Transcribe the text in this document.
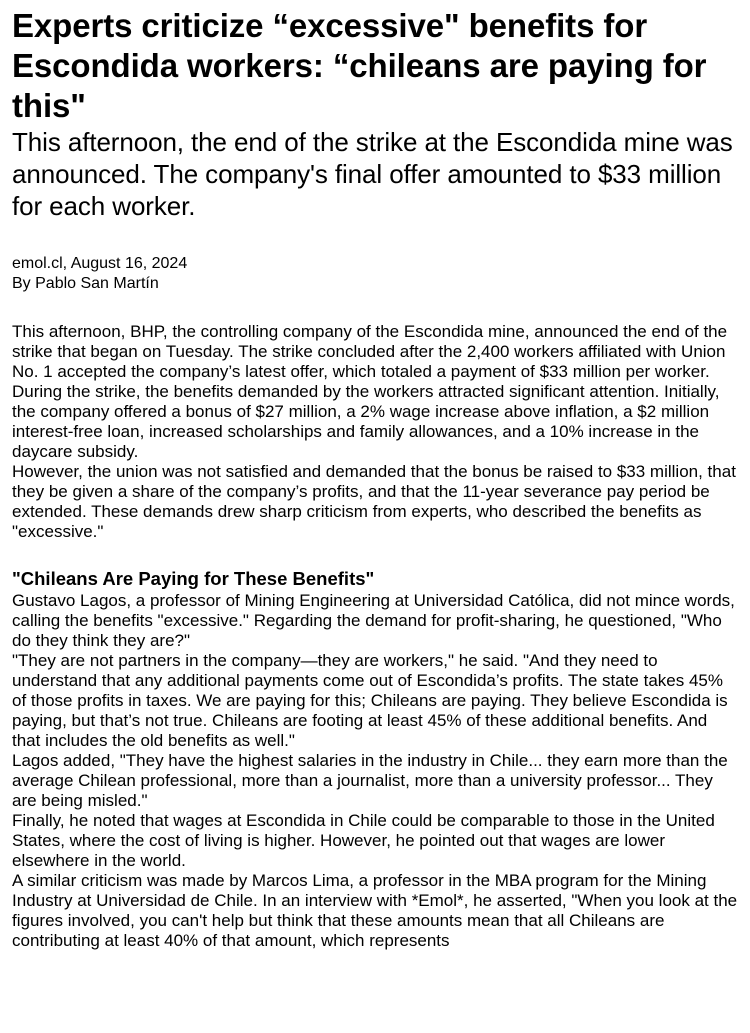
Experts criticize “excessive" benefits for Escondida workers: “chileans are paying for this"

This afternoon, the end of the strike at the Escondida mine was announced. The company's final offer amounted to $33 million for each worker.

emol.cl, August 16, 2024
By Pablo San Martín

This afternoon, BHP, the controlling company of the Escondida mine, announced the end of the strike that began on Tuesday. The strike concluded after the 2,400 workers affiliated with Union No. 1 accepted the company’s latest offer, which totaled a payment of $33 million per worker.

During the strike, the benefits demanded by the workers attracted significant attention. Initially, the company offered a bonus of $27 million, a 2% wage increase above inflation, a $2 million interest-free loan, increased scholarships and family allowances, and a 10% increase in the daycare subsidy.

However, the union was not satisfied and demanded that the bonus be raised to $33 million, that they be given a share of the company’s profits, and that the 11-year severance pay period be extended. These demands drew sharp criticism from experts, who described the benefits as "excessive."

"Chileans Are Paying for These Benefits"

Gustavo Lagos, a professor of Mining Engineering at Universidad Católica, did not mince words, calling the benefits "excessive." Regarding the demand for profit-sharing, he questioned, "Who do they think they are?"

"They are not partners in the company—they are workers," he said. "And they need to understand that any additional payments come out of Escondida’s profits. The state takes 45% of those profits in taxes. We are paying for this; Chileans are paying. They believe Escondida is paying, but that’s not true. Chileans are footing at least 45% of these additional benefits. And that includes the old benefits as well."

Lagos added, "They have the highest salaries in the industry in Chile... they earn more than the average Chilean professional, more than a journalist, more than a university professor... They are being misled."

Finally, he noted that wages at Escondida in Chile could be comparable to those in the United States, where the cost of living is higher. However, he pointed out that wages are lower elsewhere in the world.

A similar criticism was made by Marcos Lima, a professor in the MBA program for the Mining Industry at Universidad de Chile. In an interview with *Emol*, he asserted, "When you look at the figures involved, you can't help but think that these amounts mean that all Chileans are contributing at least 40% of that amount, which represents
